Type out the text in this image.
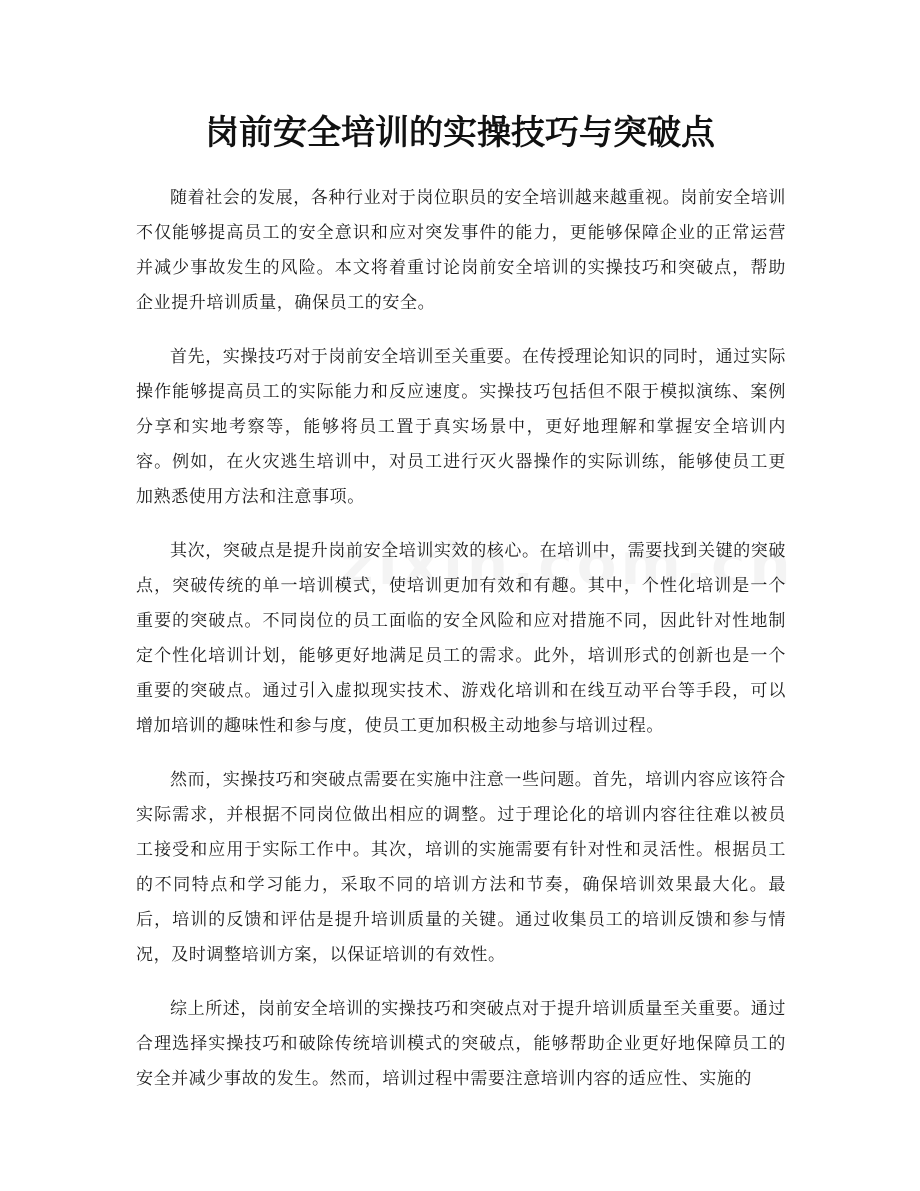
岗前安全培训的实操技巧与突破点

随着社会的发展，各种行业对于岗位职员的安全培训越来越重视。岗前安全培训不仅能够提高员工的安全意识和应对突发事件的能力，更能够保障企业的正常运营并减少事故发生的风险。本文将着重讨论岗前安全培训的实操技巧和突破点，帮助企业提升培训质量，确保员工的安全。

首先，实操技巧对于岗前安全培训至关重要。在传授理论知识的同时，通过实际操作能够提高员工的实际能力和反应速度。实操技巧包括但不限于模拟演练、案例分享和实地考察等，能够将员工置于真实场景中，更好地理解和掌握安全培训内容。例如，在火灾逃生培训中，对员工进行灭火器操作的实际训练，能够使员工更加熟悉使用方法和注意事项。

其次，突破点是提升岗前安全培训实效的核心。在培训中，需要找到关键的突破点，突破传统的单一培训模式，使培训更加有效和有趣。其中，个性化培训是一个重要的突破点。不同岗位的员工面临的安全风险和应对措施不同，因此针对性地制定个性化培训计划，能够更好地满足员工的需求。此外，培训形式的创新也是一个重要的突破点。通过引入虚拟现实技术、游戏化培训和在线互动平台等手段，可以增加培训的趣味性和参与度，使员工更加积极主动地参与培训过程。

然而，实操技巧和突破点需要在实施中注意一些问题。首先，培训内容应该符合实际需求，并根据不同岗位做出相应的调整。过于理论化的培训内容往往难以被员工接受和应用于实际工作中。其次，培训的实施需要有针对性和灵活性。根据员工的不同特点和学习能力，采取不同的培训方法和节奏，确保培训效果最大化。最后，培训的反馈和评估是提升培训质量的关键。通过收集员工的培训反馈和参与情况，及时调整培训方案，以保证培训的有效性。

综上所述，岗前安全培训的实操技巧和突破点对于提升培训质量至关重要。通过合理选择实操技巧和破除传统培训模式的突破点，能够帮助企业更好地保障员工的安全并减少事故的发生。然而，培训过程中需要注意培训内容的适应性、实施的
